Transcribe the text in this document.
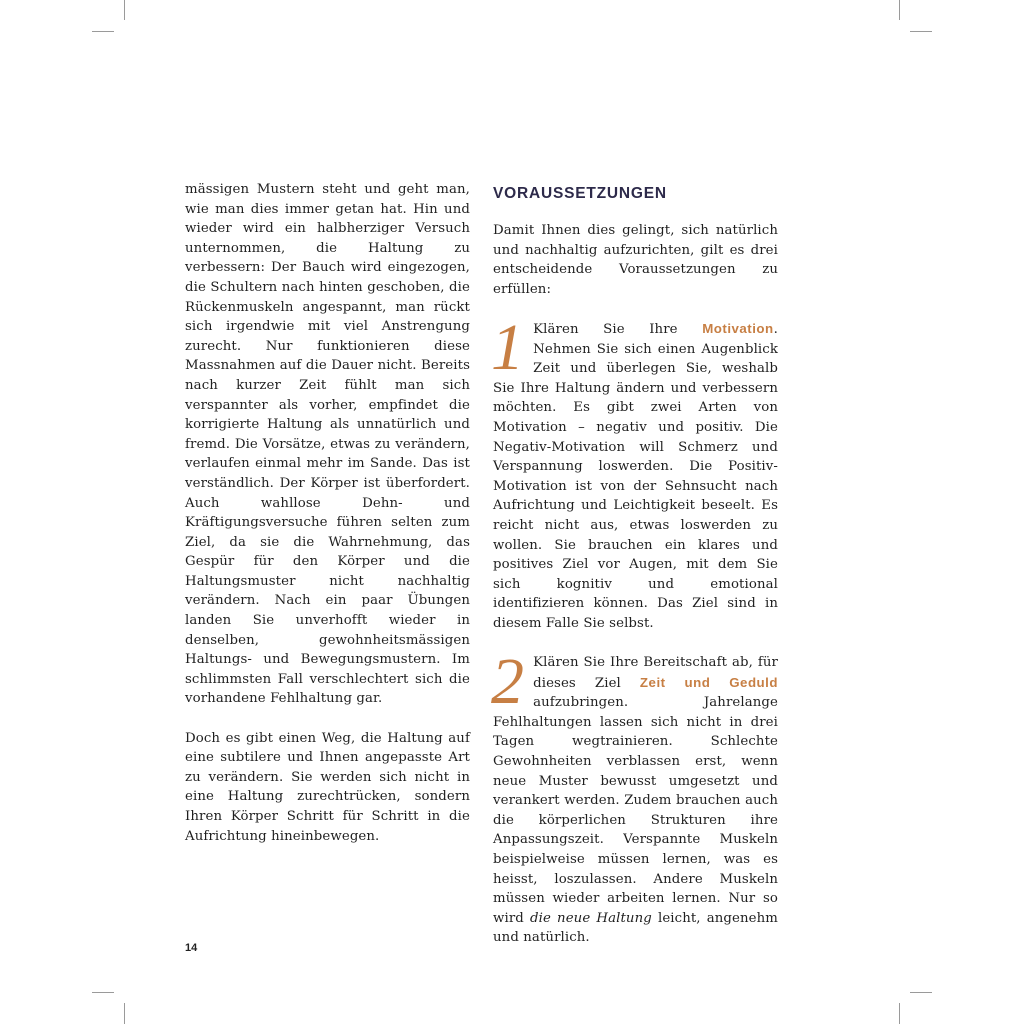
mässigen Mustern steht und geht man, wie man dies immer getan hat. Hin und wieder wird ein halbherziger Versuch unternommen, die Haltung zu verbessern: Der Bauch wird eingezogen, die Schultern nach hinten geschoben, die Rückenmuskeln angespannt, man rückt sich irgendwie mit viel Anstrengung zurecht. Nur funktionieren diese Massnahmen auf die Dauer nicht. Bereits nach kurzer Zeit fühlt man sich verspannter als vorher, empfindet die korrigierte Haltung als unnatürlich und fremd. Die Vorsätze, etwas zu verändern, verlaufen einmal mehr im Sande. Das ist verständlich. Der Körper ist überfordert. Auch wahllose Dehn- und Kräftigungsversuche führen selten zum Ziel, da sie die Wahrnehmung, das Gespür für den Körper und die Haltungsmuster nicht nachhaltig verändern. Nach ein paar Übungen landen Sie unverhofft wieder in denselben, gewohnheitsmässigen Haltungs- und Bewegungsmustern. Im schlimmsten Fall verschlechtert sich die vorhandene Fehlhaltung gar.

Doch es gibt einen Weg, die Haltung auf eine subtilere und Ihnen angepasste Art zu verändern. Sie werden sich nicht in eine Haltung zurechtrücken, sondern Ihren Körper Schritt für Schritt in die Aufrichtung hineinbewegen.

VORAUSSETZUNGEN

Damit Ihnen dies gelingt, sich natürlich und nachhaltig aufzurichten, gilt es drei entscheidende Voraussetzungen zu erfüllen:

1 Klären Sie Ihre Motivation. Nehmen Sie sich einen Augenblick Zeit und überlegen Sie, weshalb Sie Ihre Haltung ändern und verbessern möchten. Es gibt zwei Arten von Motivation – negativ und positiv. Die Negativ-Motivation will Schmerz und Verspannung loswerden. Die Positiv-Motivation ist von der Sehnsucht nach Aufrichtung und Leichtigkeit beseelt. Es reicht nicht aus, etwas loswerden zu wollen. Sie brauchen ein klares und positives Ziel vor Augen, mit dem Sie sich kognitiv und emotional identifizieren können. Das Ziel sind in diesem Falle Sie selbst.

2 Klären Sie Ihre Bereitschaft ab, für dieses Ziel Zeit und Geduld aufzubringen. Jahrelange Fehlhaltungen lassen sich nicht in drei Tagen wegtrainieren. Schlechte Gewohnheiten verblassen erst, wenn neue Muster bewusst umgesetzt und verankert werden. Zudem brauchen auch die körperlichen Strukturen ihre Anpassungszeit. Verspannte Muskeln beispielweise müssen lernen, was es heisst, loszulassen. Andere Muskeln müssen wieder arbeiten lernen. Nur so wird die neue Haltung leicht, angenehm und natürlich.

14
